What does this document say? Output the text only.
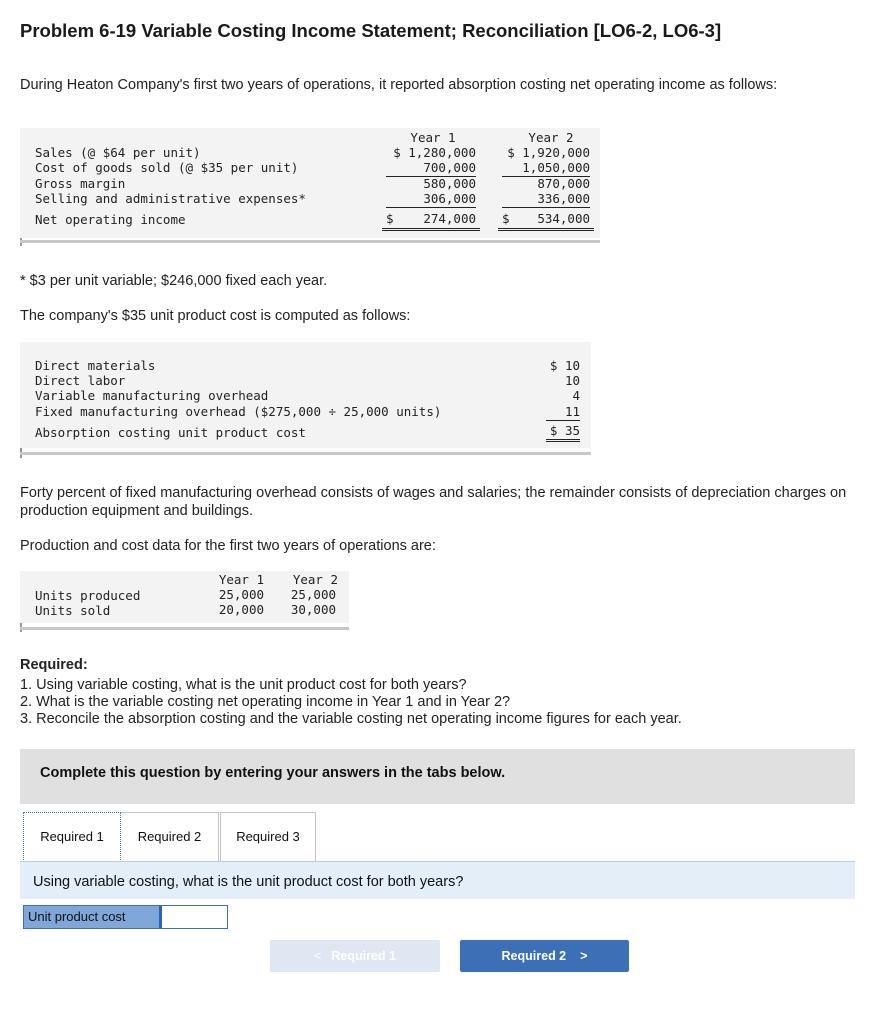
Problem 6-19 Variable Costing Income Statement; Reconciliation [LO6-2, LO6-3]
During Heaton Company's first two years of operations, it reported absorption costing net operating income as follows:
Year 1	Year 2
Sales (@ $64 per unit)	$ 1,280,000	$ 1,920,000
Cost of goods sold (@ $35 per unit)	700,000	1,050,000
Gross margin	580,000	870,000
Selling and administrative expenses*	306,000	336,000
Net operating income	$ 274,000 $ 534,000
* $3 per unit variable; $246,000 fixed each year.
The company's $35 unit product cost is computed as follows:
Direct materials	$ 10
Direct labor	10
Variable manufacturing overhead	4
Fixed manufacturing overhead ($275,000 ÷ 25,000 units)	11
Absorption costing unit product cost	$ 35
Forty percent of fixed manufacturing overhead consists of wages and salaries; the remainder consists of depreciation charges on production equipment and buildings.
Production and cost data for the first two years of operations are:
Year 1	Year 2
Units produced	25,000	25,000
Units sold	20,000	30,000
Required:
1. Using variable costing, what is the unit product cost for both years?
2. What is the variable costing net operating income in Year 1 and in Year 2?
3. Reconcile the absorption costing and the variable costing net operating income figures for each year.
Complete this question by entering your answers in the tabs below.
Required 1	Required 2	Required 3
Using variable costing, what is the unit product cost for both years?
Unit product cost
< Required 1	Required 2 >
